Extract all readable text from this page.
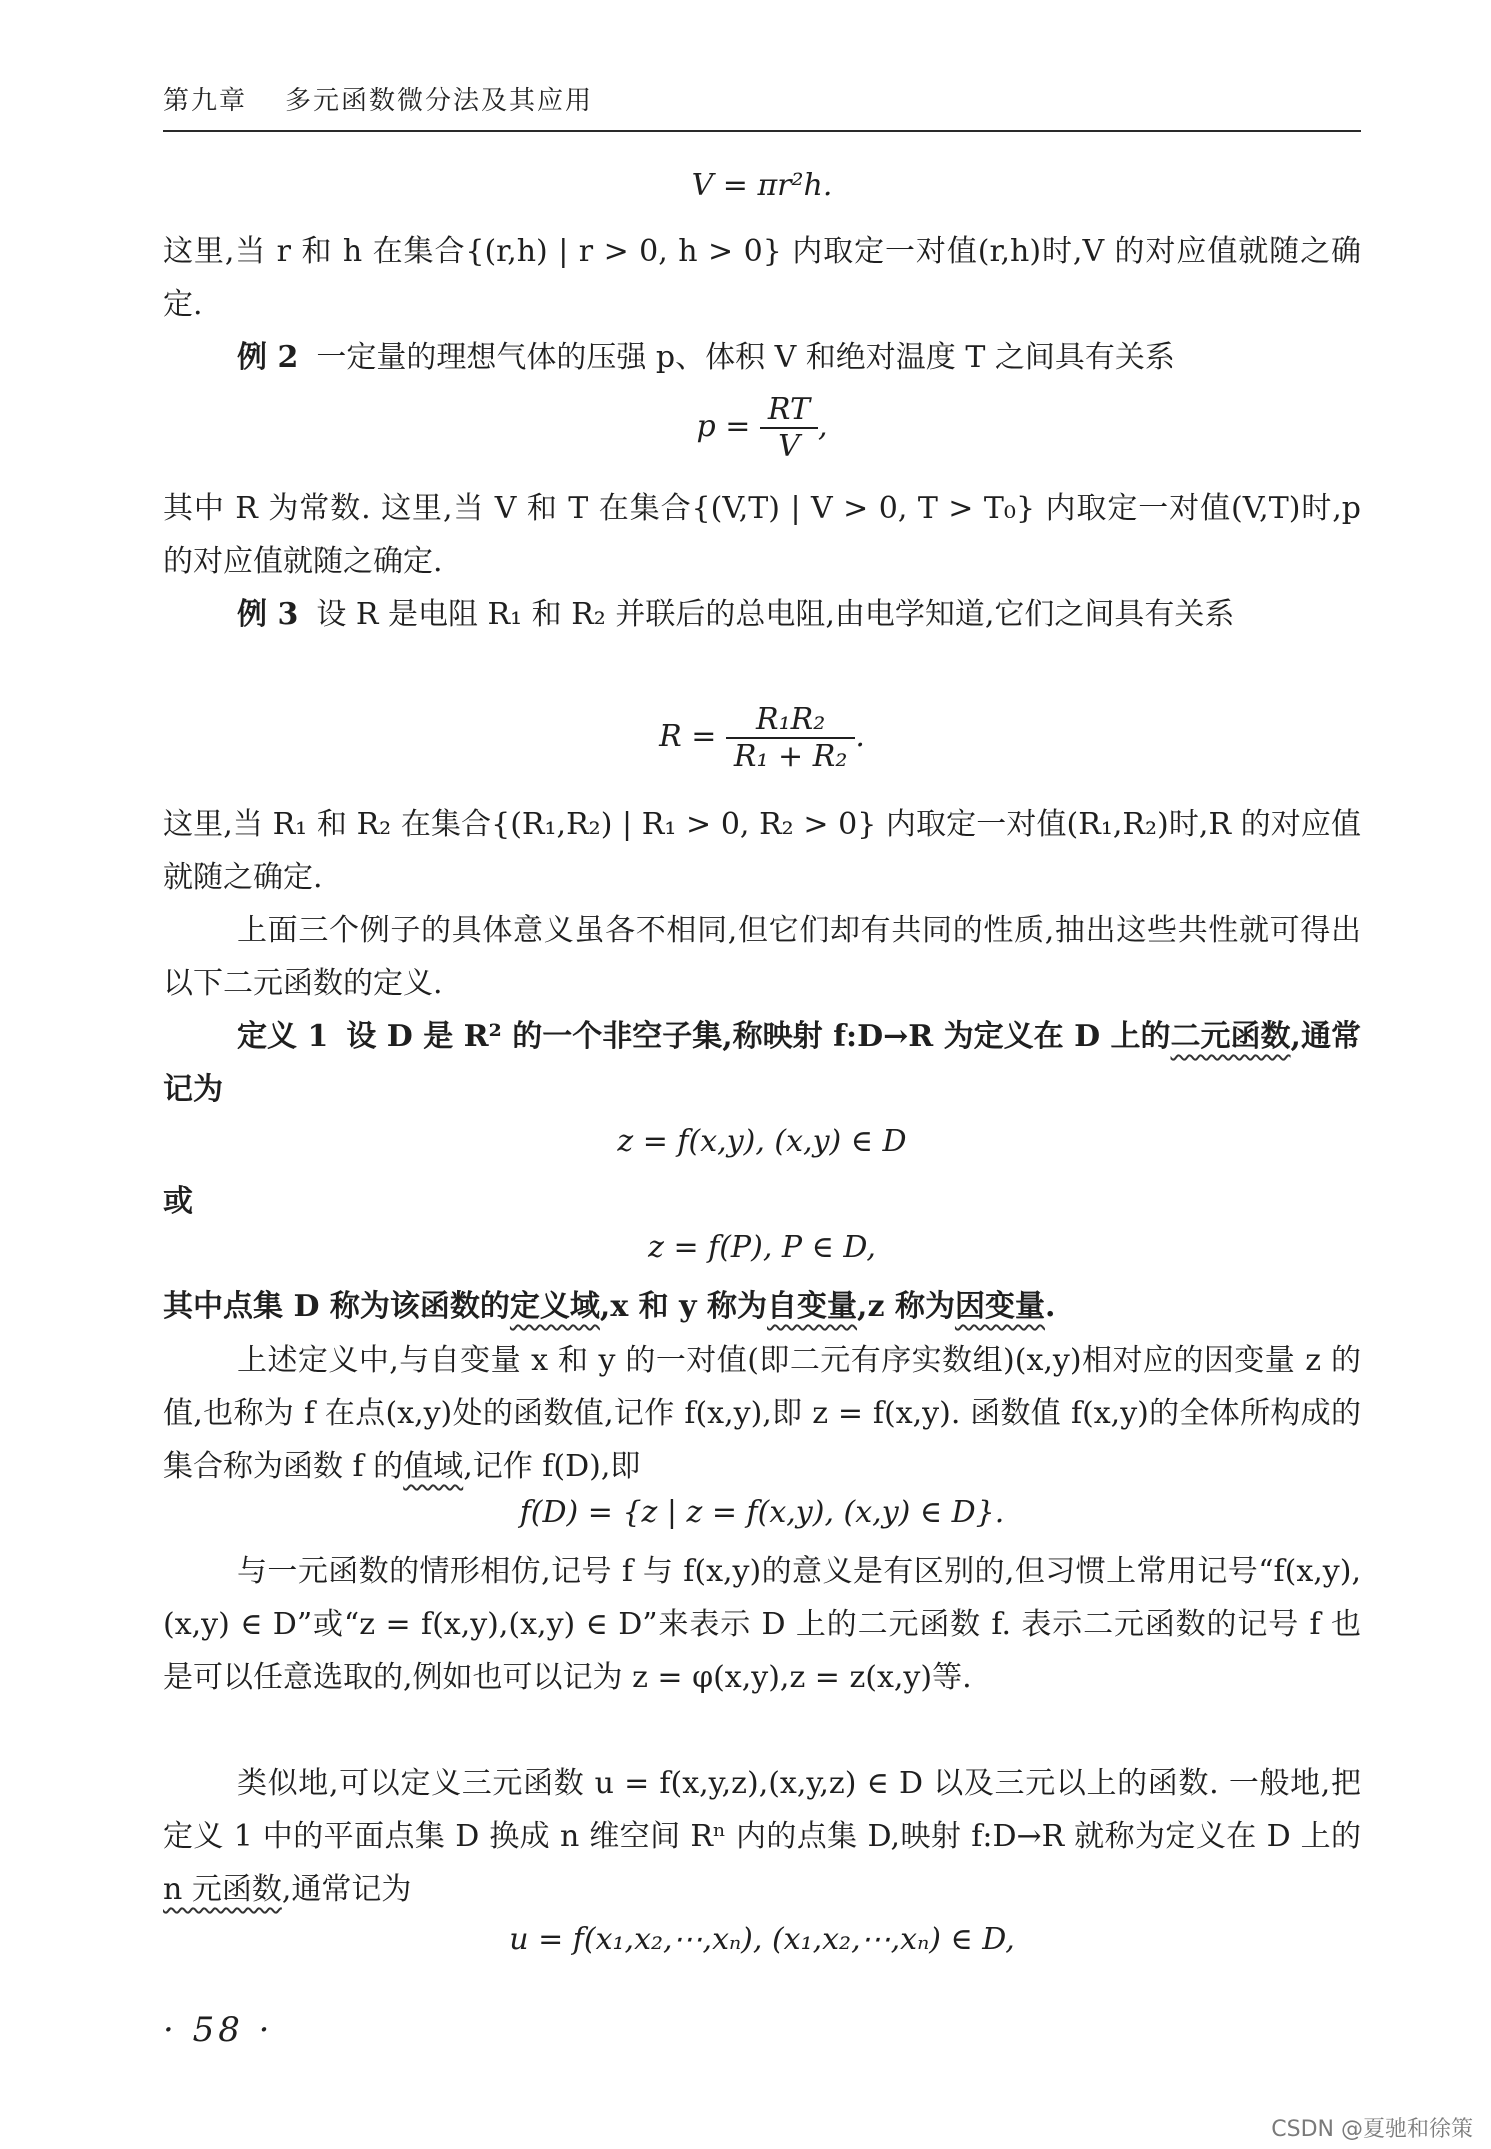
第九章 多元函数微分法及其应用
V = πr²h.
这里,当 r 和 h 在集合{(r,h) | r > 0, h > 0} 内取定一对值(r,h)时,V 的对应值就随之确定.
例 2 一定量的理想气体的压强 p、体积 V 和绝对温度 T 之间具有关系
$p = \frac{RT}{V}$ ,
其中 R 为常数. 这里,当 V 和 T 在集合{(V,T) | V > 0, T > T₀} 内取定一对值(V,T)时,p 的对应值就随之确定.
例 3 设 R 是电阻 R₁ 和 R₂ 并联后的总电阻,由电学知道,它们之间具有关系
$R = \frac{\text{R₁R₂}}{\text{R₁ + R₂}}$ .
这里,当 R₁ 和 R₂ 在集合{(R₁,R₂) | R₁ > 0, R₂ > 0} 内取定一对值(R₁,R₂)时,R 的对应值就随之确定.
上面三个例子的具体意义虽各不相同,但它们却有共同的性质,抽出这些共性就可得出以下二元函数的定义.
定义 1 设 D 是 R² 的一个非空子集,称映射 f:D→R 为定义在 D 上的二元函数,通常记为
z = f(x,y), (x,y) ∈ D
或
z = f(P), P ∈ D,
其中点集 D 称为该函数的定义域,x 和 y 称为自变量,z 称为因变量.
上述定义中,与自变量 x 和 y 的一对值(即二元有序实数组)(x,y)相对应的因变量 z 的值,也称为 f 在点(x,y)处的函数值,记作 f(x,y),即 z = f(x,y). 函数值 f(x,y)的全体所构成的集合称为函数 f 的值域,记作 f(D),即
f(D) = {z | z = f(x,y), (x,y) ∈ D}.
与一元函数的情形相仿,记号 f 与 f(x,y)的意义是有区别的,但习惯上常用记号“f(x,y),(x,y) ∈ D”或“z = f(x,y),(x,y) ∈ D”来表示 D 上的二元函数 f. 表示二元函数的记号 f 也是可以任意选取的,例如也可以记为 z = φ(x,y),z = z(x,y)等.
类似地,可以定义三元函数 u = f(x,y,z),(x,y,z) ∈ D 以及三元以上的函数. 一般地,把定义 1 中的平面点集 D 换成 n 维空间 Rⁿ 内的点集 D,映射 f:D→R 就称为定义在 D 上的 n 元函数,通常记为
u = f(x₁,x₂,⋯,xₙ), (x₁,x₂,⋯,xₙ) ∈ D,
· 58 ·
CSDN @夏驰和徐策
